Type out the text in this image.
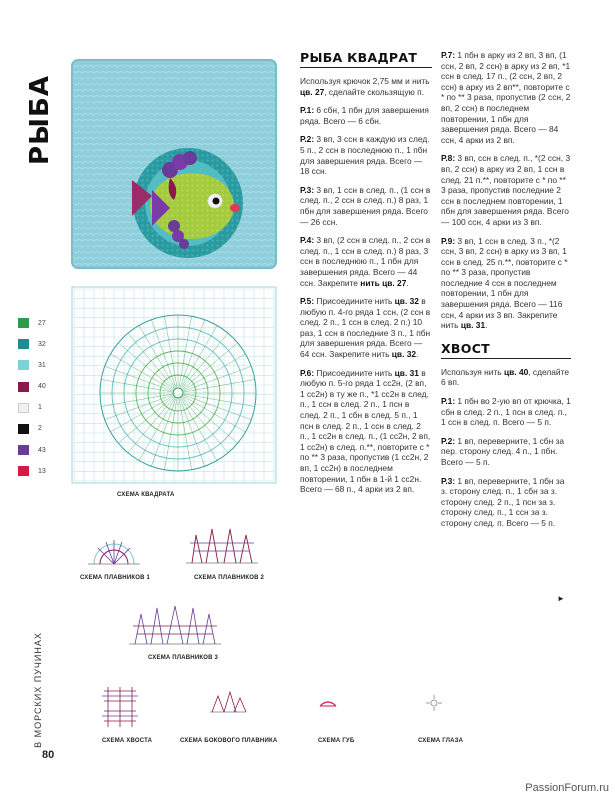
РЫБА
СХЕМА КВАДРАТА
27
32
31
40
1
2
43
13
СХЕМА ПЛАВНИКОВ 1	СХЕМА ПЛАВНИКОВ 2
СХЕМА ПЛАВНИКОВ 3
СХЕМА ХВОСТА	СХЕМА БОКОВОГО ПЛАВНИКА	СХЕМА ГУБ	СХЕМА ГЛАЗА
В МОРСКИХ ПУЧИНАХ
80
РЫБА КВАДРАТ

Используя крючок 2,75 мм и нить цв. 27, сделайте скользящую п.

Р.1: 6 сбн, 1 пбн для завершения ряда. Всего — 6 сбн.

Р.2: 3 вп, 3 ссн в каждую из след. 5 п., 2 ссн в последнюю п., 1 пбн для завершения ряда. Всего — 18 ссн.

Р.3: 3 вп, 1 ссн в след. п., (1 ссн в след. п., 2 ссн в след. п.) 8 раз, 1 пбн для завершения ряда. Всего — 26 ссн.

Р.4: 3 вп, (2 ссн в след. п., 2 ссн в след. п., 1 ссн в след. п.) 8 раз, 3 ссн в последнюю п., 1 пбн для завершения ряда. Всего — 44 ссн. Закрепите нить цв. 27.

Р.5: Присоедините нить цв. 32 в любую п. 4-го ряда 1 ссн, (2 ссн в след. 2 п., 1 ссн в след. 2 п.) 10 раз, 1 ссн в последние 3 п., 1 пбн для завершения ряда. Всего — 64 ссн. Закрепите нить цв. 32.

Р.6: Присоедините нить цв. 31 в любую п. 5-го ряда 1 сс2н, (2 вп, 1 сс2н) в ту же п., *1 сс2н в след. п., 1 ссн в след. 2 п., 1 псн в след. 2 п., 1 сбн в след. 5 п., 1 псн в след. 2 п., 1 ссн в след. 2 п., 1 сс2н в след. п., (1 сс2н, 2 вп, 1 сс2н) в след. п.**, повторите с * по ** 3 раза, пропустив (1 сс2н, 2 вп, 1 сс2н) в последнем повторении, 1 пбн в 1-й 1 сс2н. Всего — 68 п., 4 арки из 2 вп.

Р.7: 1 пбн в арку из 2 вп, 3 вп, (1 ссн, 2 вп, 2 ссн) в арку из 2 вп, *1 ссн в след. 17 п., (2 ссн, 2 вп, 2 ссн) в арку из 2 вп**, повторите с * по ** 3 раза, пропустив (2 ссн, 2 вп, 2 ссн) в последнем повторении, 1 пбн для завершения ряда. Всего — 84 ссн, 4 арки из 2 вп.

Р.8: 3 вп, ссн в след. п., *(2 ссн, 3 вп, 2 ссн) в арку из 2 вп, 1 ссн в след. 21 п.**, повторите с * по ** 3 раза, пропустив последние 2 ссн в последнем повторении, 1 пбн для завершения ряда. Всего — 100 ссн, 4 арки из 3 вп.

Р.9: 3 вп, 1 ссн в след. 3 п., *(2 ссн, 3 вп, 2 ссн) в арку из 3 вп, 1 ссн в след. 25 п.**, повторите с * по ** 3 раза, пропустив последние 4 ссн в последнем повторении, 1 пбн для завершения ряда. Всего — 116 ссн, 4 арки из 3 вп. Закрепите нить цв. 31.

ХВОСТ

Используя нить цв. 40, сделайте 6 вп.

Р.1: 1 пбн во 2-ую вп от крючка, 1 сбн в след. 2 п., 1 псн в след. п., 1 ссн в след. п. Всего — 5 п.

Р.2: 1 вп, переверните, 1 сбн за пер. сторону след. 4 п., 1 пбн. Всего — 5 п.

Р.3: 1 вп, переверните, 1 пбн за з. сторону след. п., 1 сбн за з. сторону след. 2 п., 1 псн за з. сторону след. п., 1 ссн за з. сторону след. п. Всего — 5 п.

►
PassionForum.ru
